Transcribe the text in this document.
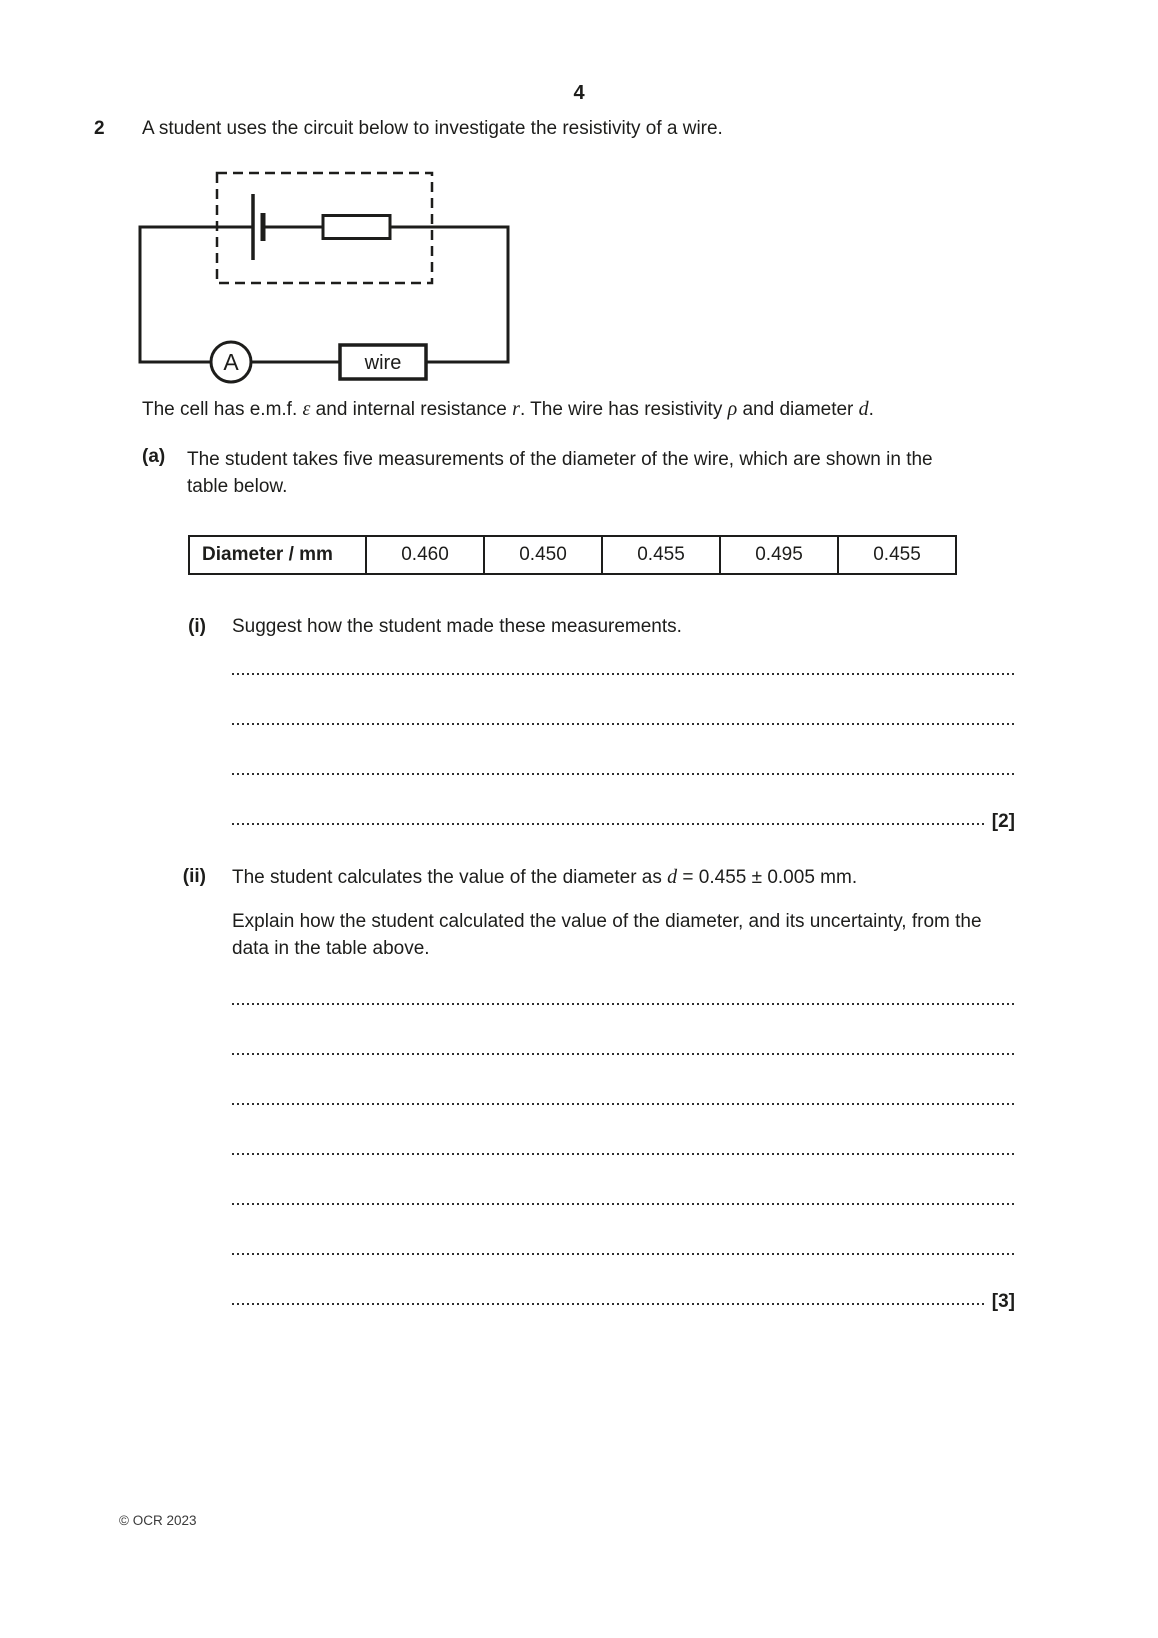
4
2 A student uses the circuit below to investigate the resistivity of a wire.
A	wire
The cell has e.m.f. ε and internal resistance r. The wire has resistivity ρ and diameter d.
(a) The student takes five measurements of the diameter of the wire, which are shown in the table below.
Diameter / mm	0.460	0.450	0.455	0.495	0.455
(i) Suggest how the student made these measurements.
[2]
(ii) The student calculates the value of the diameter as d = 0.455 ± 0.005 mm.
Explain how the student calculated the value of the diameter, and its uncertainty, from the data in the table above.
[3]
© OCR 2023
